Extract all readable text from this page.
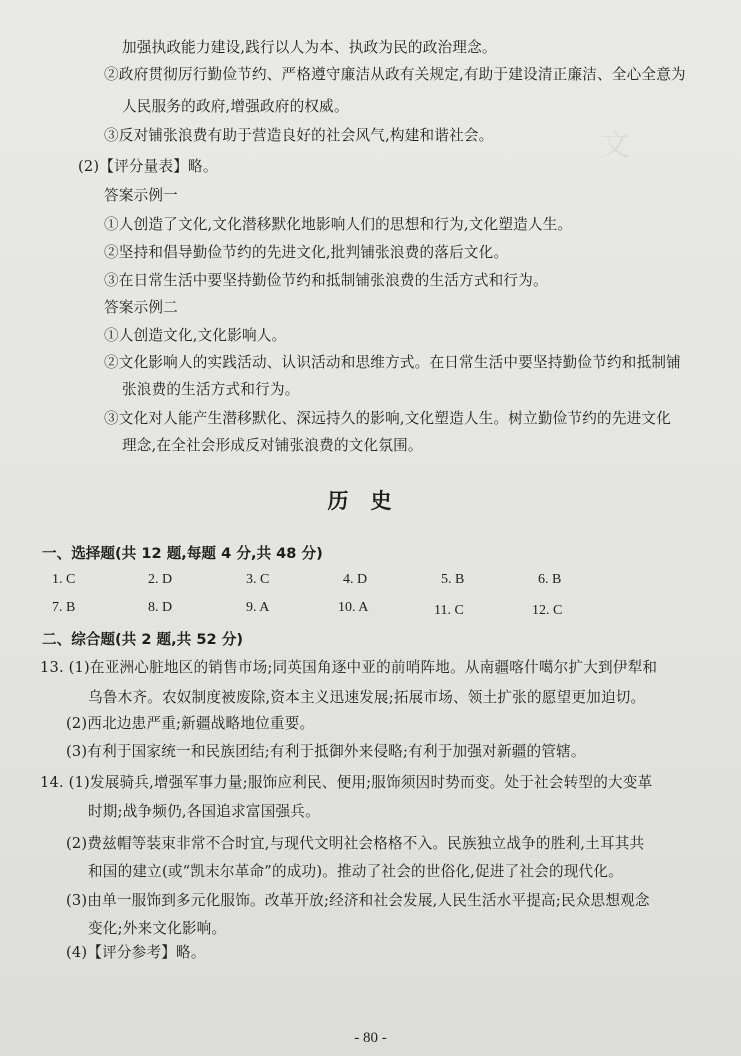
文
加强执政能力建设,践行以人为本、执政为民的政治理念。
②政府贯彻厉行勤俭节约、严格遵守廉洁从政有关规定,有助于建设清正廉洁、全心全意为
人民服务的政府,增强政府的权威。
③反对铺张浪费有助于营造良好的社会风气,构建和谐社会。
(2)【评分量表】略。
答案示例一
①人创造了文化,文化潜移默化地影响人们的思想和行为,文化塑造人生。
②坚持和倡导勤俭节约的先进文化,批判铺张浪费的落后文化。
③在日常生活中要坚持勤俭节约和抵制铺张浪费的生活方式和行为。
答案示例二
①人创造文化,文化影响人。
②文化影响人的实践活动、认识活动和思维方式。在日常生活中要坚持勤俭节约和抵制铺
张浪费的生活方式和行为。
③文化对人能产生潜移默化、深远持久的影响,文化塑造人生。树立勤俭节约的先进文化
理念,在全社会形成反对铺张浪费的文化氛围。
历史
一、选择题(共 12 题,每题 4 分,共 48 分)
1. C	2. D	3. C	4. D	5. B	6. B
7. B	8. D	9. A	10. A	11. C	12. C
二、综合题(共 2 题,共 52 分)
13. (1)在亚洲心脏地区的销售市场;同英国角逐中亚的前哨阵地。从南疆喀什噶尔扩大到伊犁和
乌鲁木齐。农奴制度被废除,资本主义迅速发展;拓展市场、领土扩张的愿望更加迫切。
(2)西北边患严重;新疆战略地位重要。
(3)有利于国家统一和民族团结;有利于抵御外来侵略;有利于加强对新疆的管辖。
14. (1)发展骑兵,增强军事力量;服饰应利民、便用;服饰须因时势而变。处于社会转型的大变革
时期;战争频仍,各国追求富国强兵。
(2)费兹帽等装束非常不合时宜,与现代文明社会格格不入。民族独立战争的胜利,土耳其共
和国的建立(或“凯末尔革命”的成功)。推动了社会的世俗化,促进了社会的现代化。
(3)由单一服饰到多元化服饰。改革开放;经济和社会发展,人民生活水平提高;民众思想观念
变化;外来文化影响。
(4)【评分参考】略。
- 80 -
